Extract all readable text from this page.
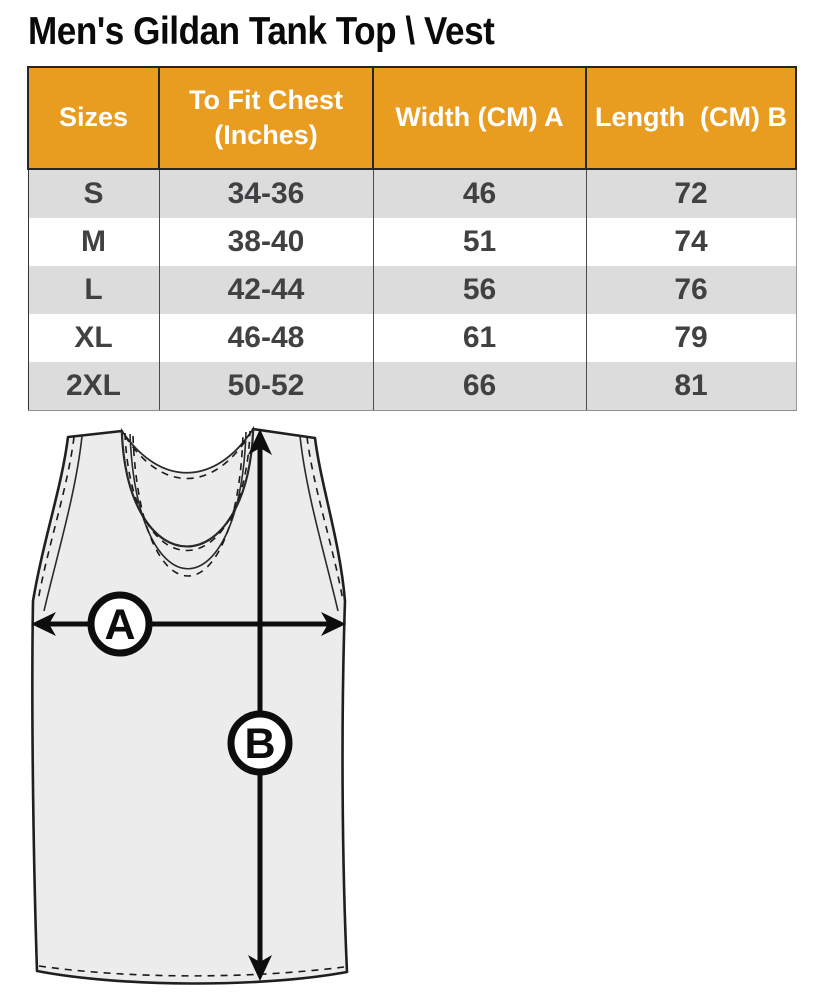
Men's Gildan Tank Top \ Vest
Sizes	To Fit Chest (Inches)	Width (CM) A	Length  (CM) B
S	34-36	46	72
M	38-40	51	74
L	42-44	56	76
XL	46-48	61	79
2XL	50-52	66	81
A
B
